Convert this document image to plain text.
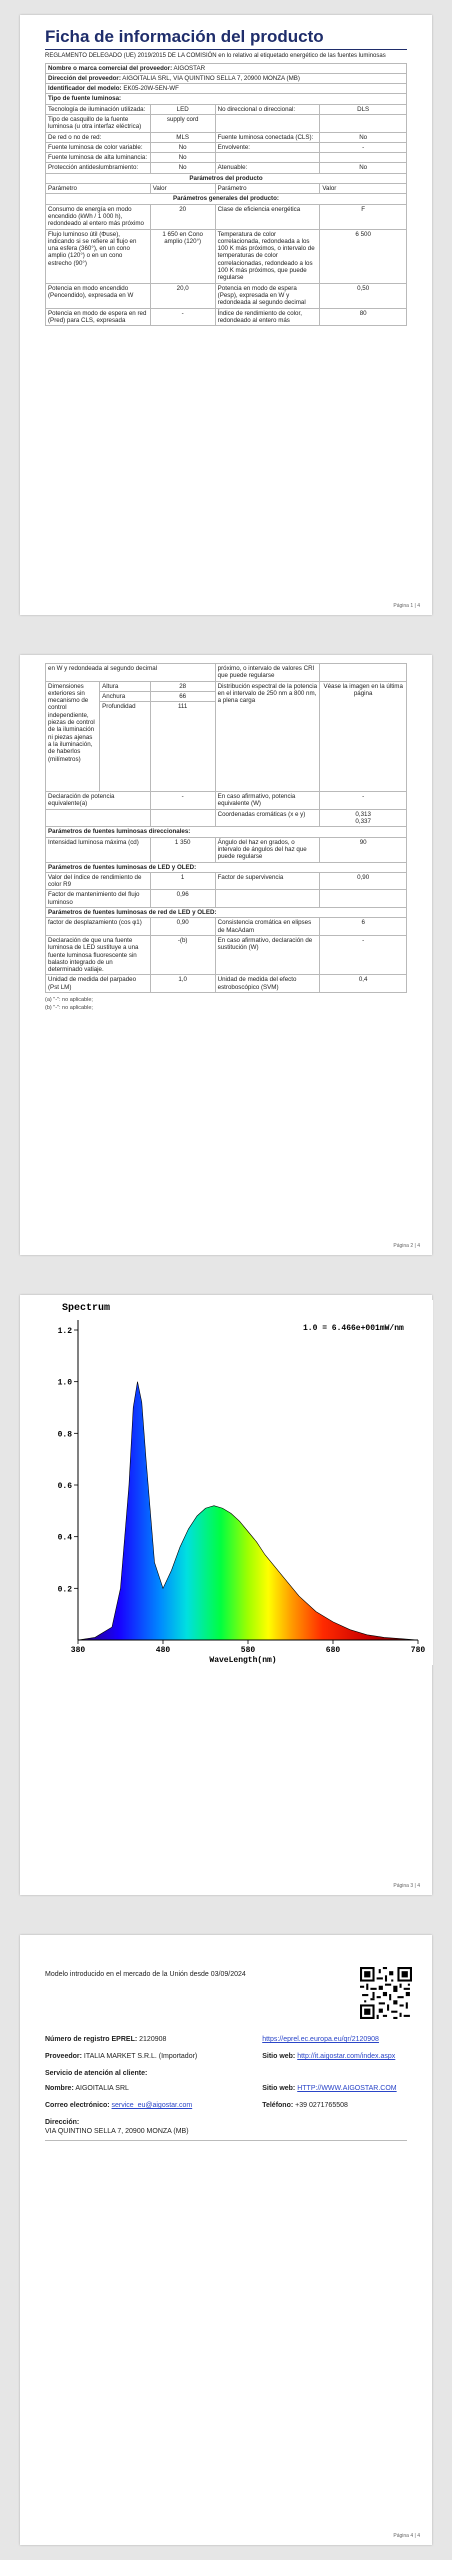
Ficha de información del producto
REGLAMENTO DELEGADO (UE) 2019/2015 DE LA COMISIÓN en lo relativo al etiquetado energético de las fuentes luminosas
Nombre o marca comercial del proveedor: AIGOSTAR			
Dirección del proveedor: AIGOITALIA SRL, VIA QUINTINO SELLA 7, 20900 MONZA (MB)			
Identificador del modelo: EK05-20W-5EN-WF			
Tipo de fuente luminosa:			
Tecnología de iluminación utilizada:	LED	No direccional o direccional:	DLS
Tipo de casquillo de la fuente luminosa (u otra interfaz eléctrica)	supply cord		
De red o no de red:	MLS	Fuente luminosa conectada (CLS):	No
Fuente luminosa de color variable:	No	Envolvente:	-
Fuente luminosa de alta luminancia:	No		
Protección antideslumbramiento:	No	Atenuable:	No
Parámetros del producto			
Parámetro	Valor	Parámetro	Valor
Parámetros generales del producto:			
Consumo de energía en modo encendido (kWh / 1 000 h), redondeado al entero más próximo	20	Clase de eficiencia energética	F
Flujo luminoso útil (Φuse), indicando si se refiere al flujo en una esfera (360°), en un cono amplio (120°) o en un cono estrecho (90°)	1 650 en Cono amplio (120°)	Temperatura de color correlacionada, redondeada a los 100 K más próximos, o intervalo de temperaturas de color correlacionadas, redondeado a los 100 K más próximos, que puede regularse	6 500
Potencia en modo encendido (Pencendido), expresada en W	20,0	Potencia en modo de espera (Pesp), expresada en W y redondeada al segundo decimal	0,50
Potencia en modo de espera en red (Pred) para CLS, expresada	-	Índice de rendimiento de color, redondeado al entero más	80
Página 1 | 4
en W y redondeada al segundo decimal			próximo, o intervalo de valores CRI que puede regularse	
Dimensiones exteriores sin mecanismo de control independiente, piezas de control de la iluminación ni piezas ajenas a la iluminación, de haberlos (milímetros)	Altura	28	Distribución espectral de la potencia en el intervalo de 250 nm a 800 nm, a plena carga	Véase la imagen en la última página
	Anchura	66		
	Profundidad	111		
Declaración de potencia equivalente(a)		-	En caso afirmativo, potencia equivalente (W)	-
			Coordenadas cromáticas (x e y)	0,313
0,337
Parámetros de fuentes luminosas direccionales:				
Intensidad luminosa máxima (cd)		1 350	Ángulo del haz en grados, o intervalo de ángulos del haz que puede regularse	90
Parámetros de fuentes luminosas de LED y OLED:				
Valor del índice de rendimiento de color R9		1	Factor de supervivencia	0,90
Factor de mantenimiento del flujo luminoso		0,96		
Parámetros de fuentes luminosas de red de LED y OLED:				
factor de desplazamiento (cos φ1)		0,90	Consistencia cromática en elipses de MacAdam	6
Declaración de que una fuente luminosa de LED sustituye a una fuente luminosa fluorescente sin balasto integrado de un determinado vatiaje.		-(b)	En caso afirmativo, declaración de sustitución (W)	-
Unidad de medida del parpadeo (Pst LM)		1,0	Unidad de medida del efecto estroboscópico (SVM)	0,4
(a) "-": no aplicable;
(b) "-": no aplicable;
Página 2 | 4
380	480	580	680	780
0.2
0.4
0.6
0.8
1.0
1.2
Spectrum
1.0 = 6.466e+001mW/nm
WaveLength(nm)
Página 3 | 4
Modelo introducido en el mercado de la Unión desde 03/09/2024
Número de registro EPREL: 2120908	https://eprel.ec.europa.eu/qr/2120908
Proveedor: ITALIA MARKET S.R.L. (Importador)	Sitio web: http://it.aigostar.com/index.aspx
Servicio de atención al cliente:
Nombre: AIGOITALIA SRL	Sitio web: HTTP://WWW.AIGOSTAR.COM
Correo electrónico: service_eu@aigostar.com	Teléfono: +39 0271765508
Dirección:
VIA QUINTINO SELLA 7, 20900 MONZA (MB)
Página 4 | 4
